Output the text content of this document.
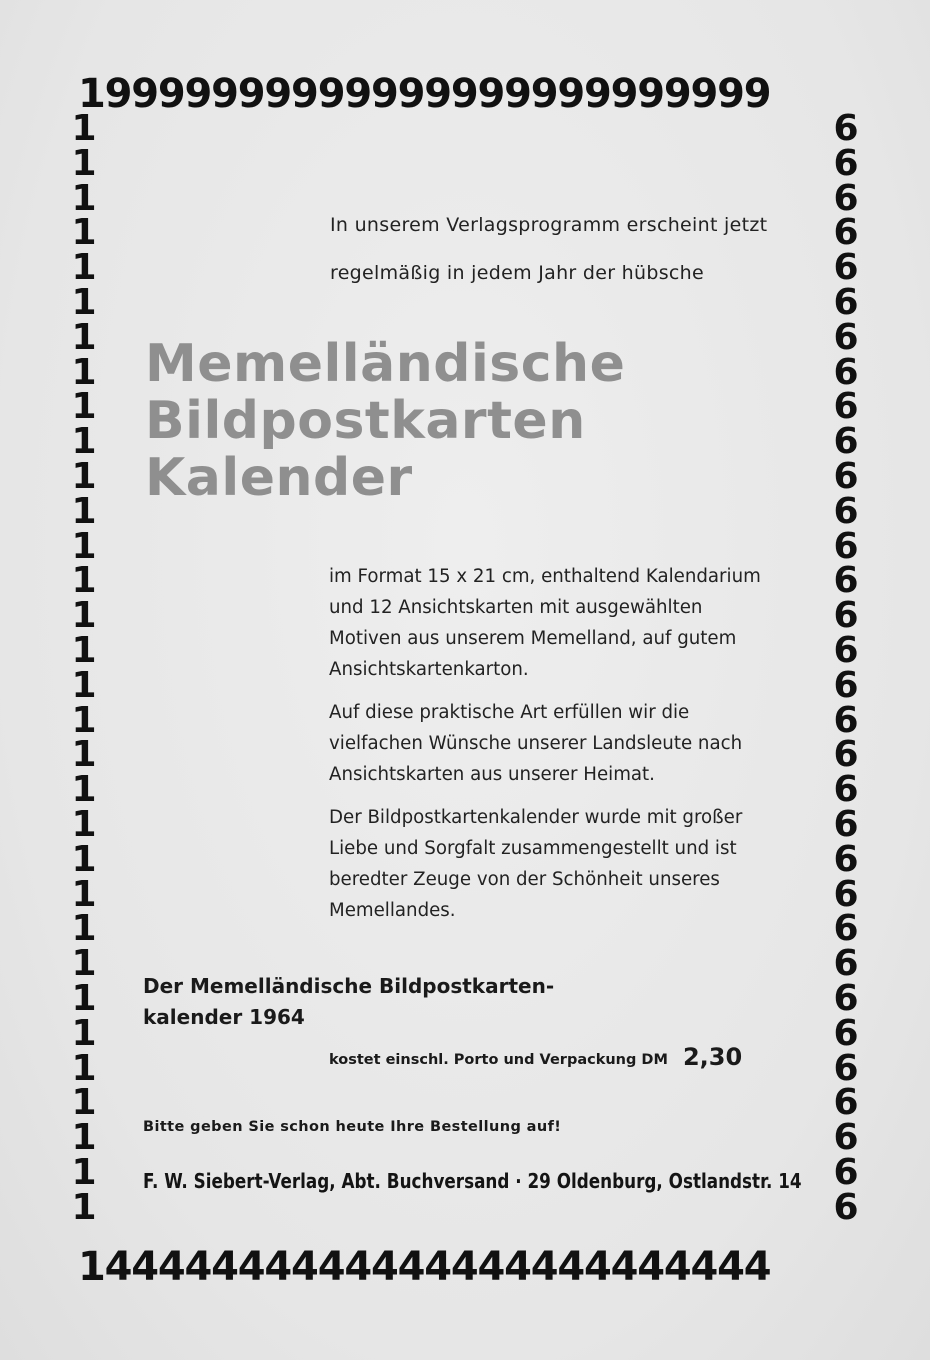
19999999999999999999999999
1
1
1
1
1
1
1
1
1
1
1
1
1
1
1
1
1
1
1
1
1
1
1
1
1
1
1
1
1
1
1
1
6
6
6
6
6
6
6
6
6
6
6
6
6
6
6
6
6
6
6
6
6
6
6
6
6
6
6
6
6
6
6
6
14444444444444444444444444
In unserem Verlagsprogramm erscheint jetzt
regelmäßig in jedem Jahr der hübsche
Memelländische
Bildpostkarten
Kalender

im Format 15 x 21 cm, enthaltend Kalendarium und 12 Ansichtskarten mit ausgewählten Motiven aus unserem Memelland, auf gutem Ansichtskartenkarton.

Auf diese praktische Art erfüllen wir die vielfachen Wünsche unserer Landsleute nach Ansichtskarten aus unserer Heimat.

Der Bildpostkartenkalender wurde mit großer Liebe und Sorgfalt zusammengestellt und ist beredter Zeuge von der Schönheit unseres Memellandes.

Der Memelländische Bildpostkarten-
kalender 1964
kostet einschl. Porto und Verpackung DM 2,30
Bitte geben Sie schon heute Ihre Bestellung auf!
F. W. Siebert-Verlag, Abt. Buchversand · 29 Oldenburg, Ostlandstr. 14
